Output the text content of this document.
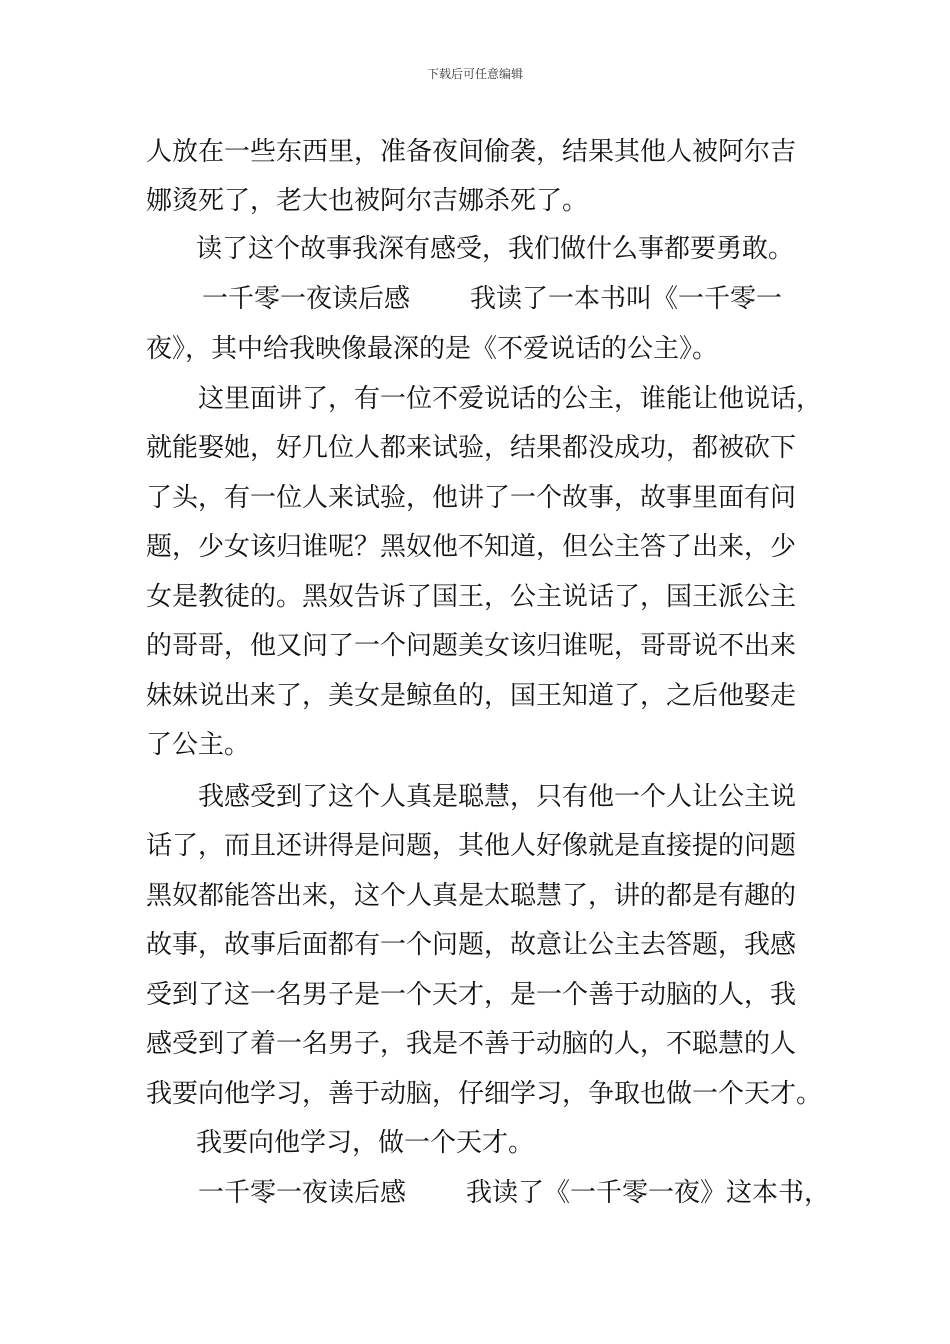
下载后可任意编辑
人放在一些东西里，准备夜间偷袭，结果其他人被阿尔吉
娜烫死了，老大也被阿尔吉娜杀死了。
读了这个故事我深有感受，我们做什么事都要勇敢。
一千零一夜读后感 我读了一本书叫《一千零一
夜》，其中给我映像最深的是《不爱说话的公主》。
这里面讲了，有一位不爱说话的公主，谁能让他说话，
就能娶她，好几位人都来试验，结果都没成功，都被砍下
了头，有一位人来试验，他讲了一个故事，故事里面有问
题，少女该归谁呢？黑奴他不知道，但公主答了出来，少
女是教徒的。黑奴告诉了国王，公主说话了，国王派公主
的哥哥，他又问了一个问题美女该归谁呢，哥哥说不出来
妹妹说出来了，美女是鲸鱼的，国王知道了，之后他娶走
了公主。
我感受到了这个人真是聪慧，只有他一个人让公主说
话了，而且还讲得是问题，其他人好像就是直接提的问题
黑奴都能答出来，这个人真是太聪慧了，讲的都是有趣的
故事，故事后面都有一个问题，故意让公主去答题，我感
受到了这一名男子是一个天才，是一个善于动脑的人，我
感受到了着一名男子，我是不善于动脑的人，不聪慧的人
我要向他学习，善于动脑，仔细学习，争取也做一个天才。
我要向他学习，做一个天才。
一千零一夜读后感 我读了《一千零一夜》这本书，
